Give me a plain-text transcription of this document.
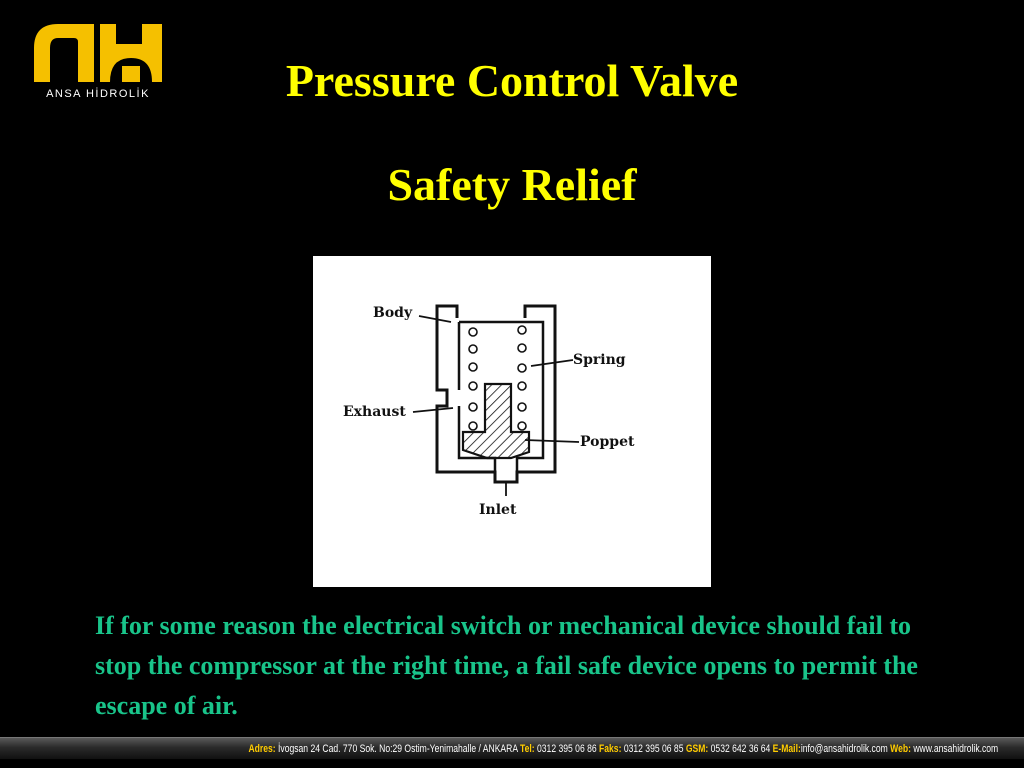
ANSA HİDROLİK	Pressure Control Valve
Safety Relief
Body
Spring
Exhaust
Poppet
Inlet

If for some reason the electrical switch or mechanical device should fail to stop the compressor at the right time, a fail safe device opens to permit the escape of air.

Adres: İvogsan 24 Cad. 770 Sok. No:29 Ostim-Yenimahalle / ANKARA Tel: 0312 395 06 86 Faks: 0312 395 06 85 GSM: 0532 642 36 64 E-Mail:info@ansahidrolik.com Web: www.ansahidrolik.com
